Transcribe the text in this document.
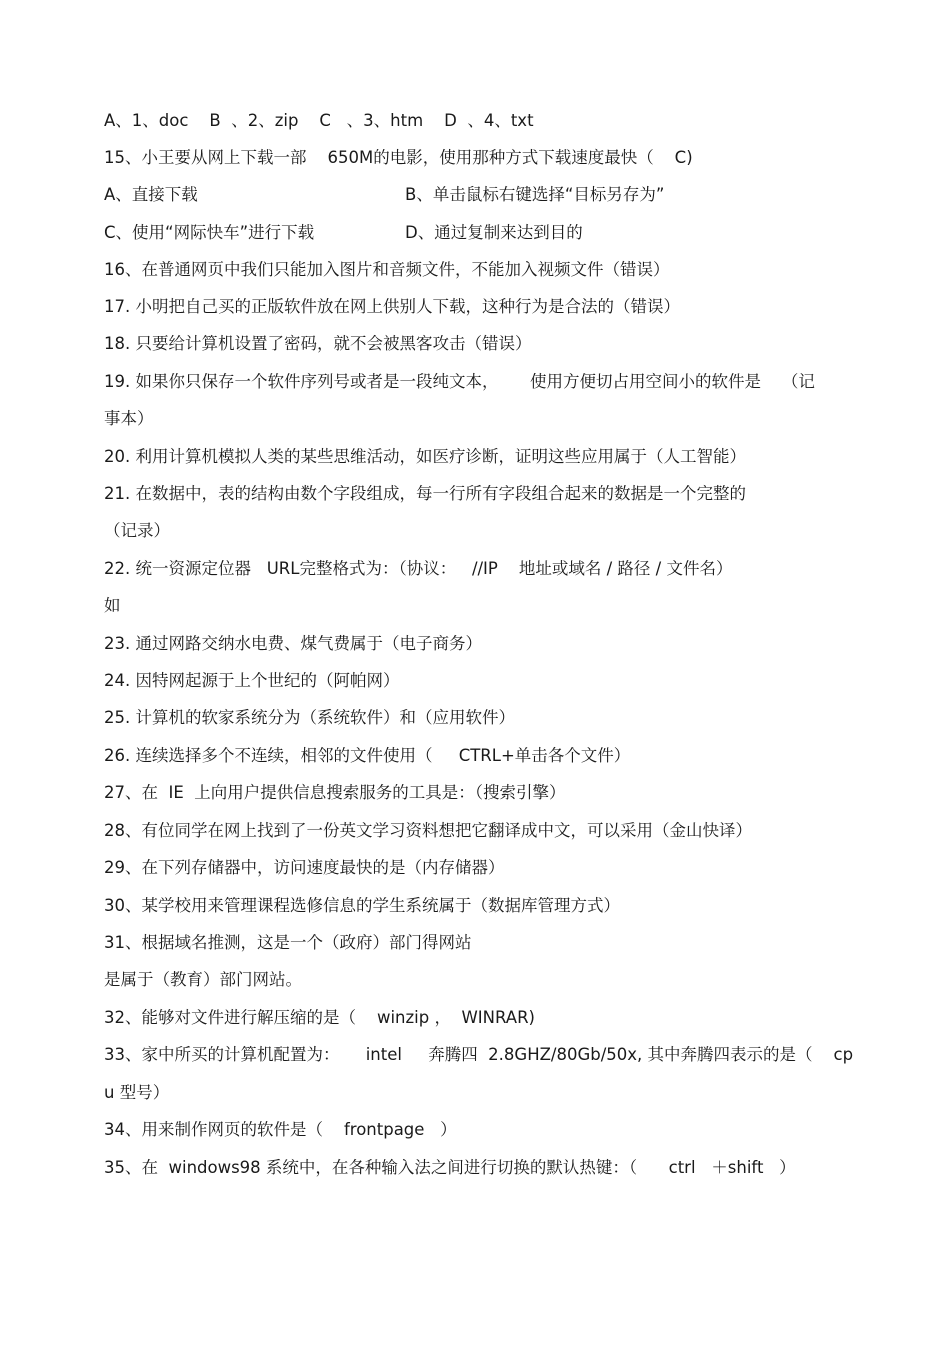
A、1、doc    B  、2、zip    C   、3、htm    D  、4、txt
15、小王要从网上下载一部    650M的电影，使用那种方式下载速度最快（    C)
A、直接下载	B、单击鼠标右键选择“目标另存为”
C、使用“网际快车”进行下载	D、通过复制来达到目的
16、在普通网页中我们只能加入图片和音频文件，不能加入视频文件（错误）
17. 小明把自己买的正版软件放在网上供别人下载，这种行为是合法的（错误）
18. 只要给计算机设置了密码，就不会被黑客攻击（错误）
19. 如果你只保存一个软件序列号或者是一段纯文本，      使用方便切占用空间小的软件是    （记
事本）
20. 利用计算机模拟人类的某些思维活动，如医疗诊断，证明这些应用属于（人工智能）
21. 在数据中，表的结构由数个字段组成，每一行所有字段组合起来的数据是一个完整的
（记录）
22. 统一资源定位器   URL完整格式为：（协议：   //IP    地址或域名 / 路径 / 文件名）
如
23. 通过网路交纳水电费、煤气费属于（电子商务）
24. 因特网起源于上个世纪的（阿帕网）
25. 计算机的软家系统分为（系统软件）和（应用软件）
26. 连续选择多个不连续，相邻的文件使用（     CTRL+单击各个文件）
27、在  IE  上向用户提供信息搜索服务的工具是：（搜索引擎）
28、有位同学在网上找到了一份英文学习资料想把它翻译成中文，可以采用（金山快译）
29、在下列存储器中，访问速度最快的是（内存储器）
30、某学校用来管理课程选修信息的学生系统属于（数据库管理方式）
31、根据域名推测，这是一个（政府）部门得网站
是属于（教育）部门网站。
32、能够对文件进行解压缩的是（    winzip ，  WINRAR)
33、家中所买的计算机配置为：     intel     奔腾四  2.8GHZ/80Gb/50x, 其中奔腾四表示的是（    cp
u 型号）
34、用来制作网页的软件是（    frontpage   ）
35、在  windows98 系统中，在各种输入法之间进行切换的默认热键：（      ctrl   ＋shift   ）
